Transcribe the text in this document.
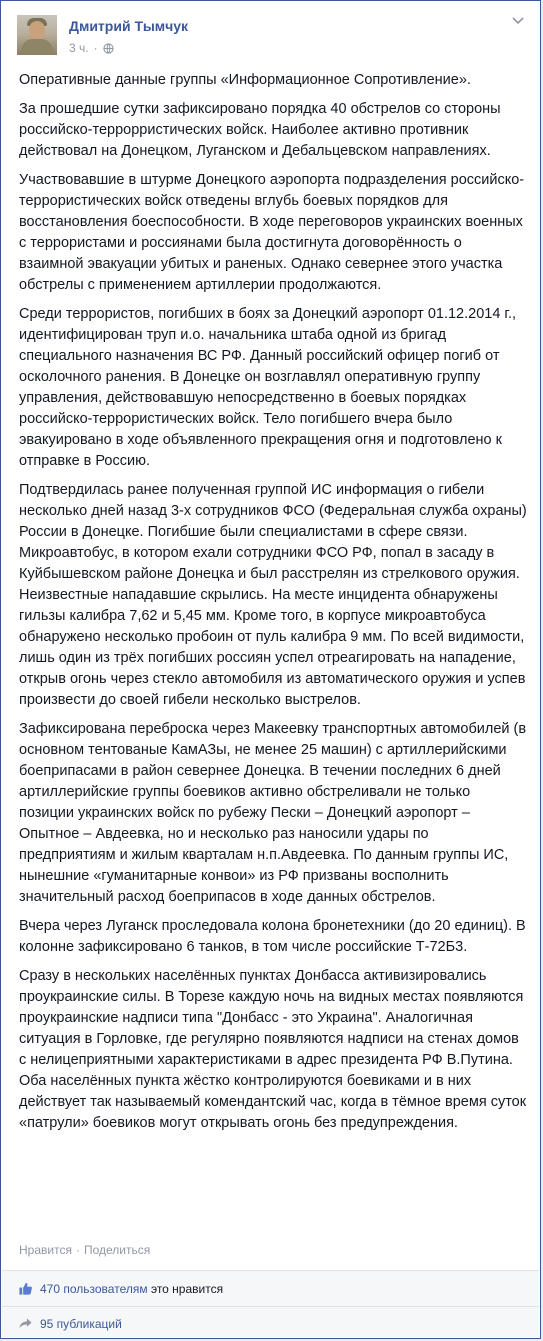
Дмитрий Тымчук
3 ч. ·

Оперативные данные группы «Информационное Сопротивление».

За прошедшие сутки зафиксировано порядка 40 обстрелов со стороны российско-террорристических войск. Наиболее активно противник действовал на Донецком, Луганском и Дебальцевском направлениях.

Участвовавшие в штурме Донецкого аэропорта подразделения российско-террористических войск отведены вглубь боевых порядков для восстановления боеспособности. В ходе переговоров украинских военных с террористами и россиянами была достигнута договорённость о взаимной эвакуации убитых и раненых. Однако севернее этого участка обстрелы с применением артиллерии продолжаются.

Среди террористов, погибших в боях за Донецкий аэропорт 01.12.2014 г., идентифицирован труп и.о. начальника штаба одной из бригад специального назначения ВС РФ. Данный российский офицер погиб от осколочного ранения. В Донецке он возглавлял оперативную группу управления, действовавшую непосредственно в боевых порядках российско-террористических войск. Тело погибшего вчера было эвакуировано в ходе объявленного прекращения огня и подготовлено к отправке в Россию.

Подтвердилась ранее полученная группой ИС информация о гибели несколько дней назад 3-х сотрудников ФСО (Федеральная служба охраны) России в Донецке. Погибшие были специалистами в сфере связи. Микроавтобус, в котором ехали сотрудники ФСО РФ, попал в засаду в Куйбышевском районе Донецка и был расстрелян из стрелкового оружия. Неизвестные нападавшие скрылись. На месте инцидента обнаружены гильзы калибра 7,62 и 5,45 мм. Кроме того, в корпусе микроавтобуса обнаружено несколько пробоин от пуль калибра 9 мм. По всей видимости, лишь один из трёх погибших россиян успел отреагировать на нападение, открыв огонь через стекло автомобиля из автоматического оружия и успев произвести до своей гибели несколько выстрелов.

Зафиксирована переброска через Макеевку транспортных автомобилей (в основном тентованые КамАЗы, не менее 25 машин) с артиллерийскими боеприпасами в район севернее Донецка. В течении последних 6 дней артиллерийские группы боевиков активно обстреливали не только позиции украинских войск по рубежу Пески – Донецкий аэропорт – Опытное – Авдеевка, но и несколько раз наносили удары по предприятиям и жилым кварталам н.п.Авдеевка. По данным группы ИС, нынешние «гуманитарные конвои» из РФ призваны восполнить значительный расход боеприпасов в ходе данных обстрелов.

Вчера через Луганск проследовала колона бронетехники (до 20 единиц). В колонне зафиксировано 6 танков, в том числе российские Т-72Б3.

Сразу в нескольких населённых пунктах Донбасса активизировались проукраинские силы. В Торезе каждую ночь на видных местах появляются проукраинские надписи типа "Донбасс - это Украина". Аналогичная ситуация в Горловке, где регулярно появляются надписи на стенах домов с нелицеприятными характеристиками в адрес президента РФ В.Путина. Оба населённых пункта жёстко контролируются боевиками и в них действует так называемый комендантский час, когда в тёмное время суток «патрули» боевиков могут открывать огонь без предупреждения.

Нравится · Поделиться
470 пользователям это нравится
95 публикаций
